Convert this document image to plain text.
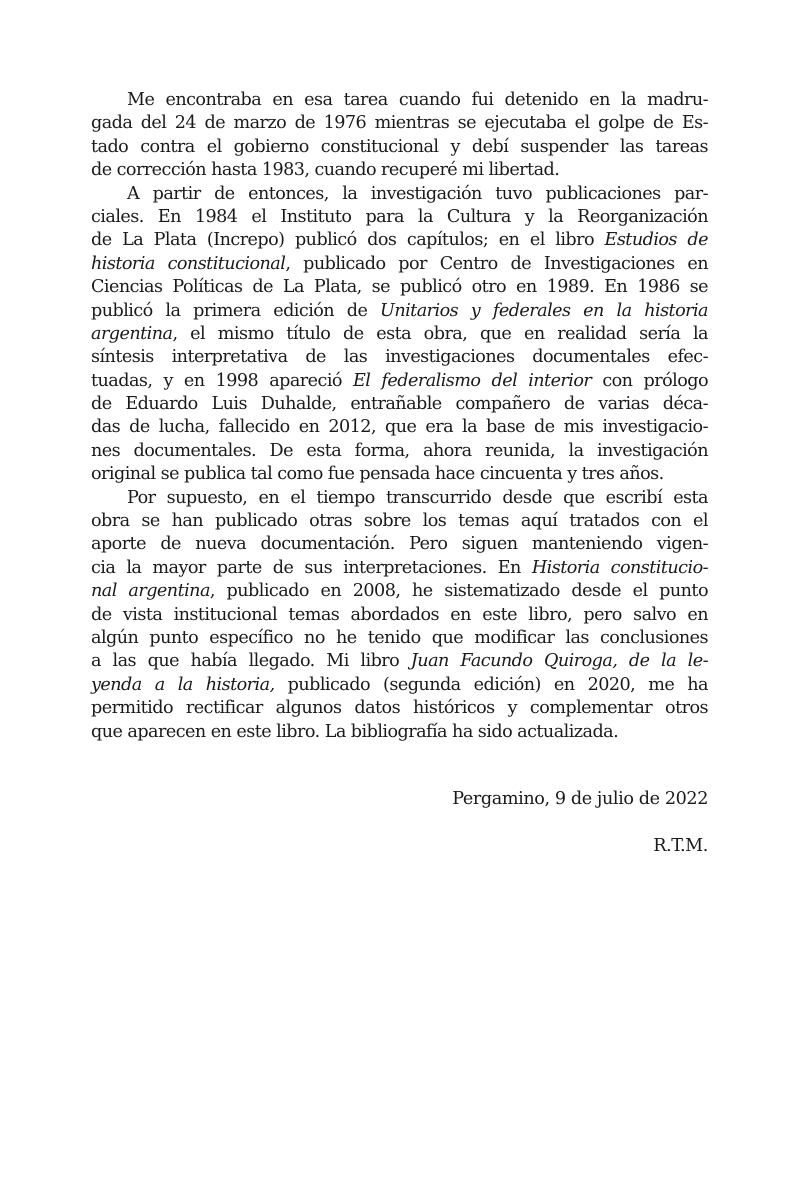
Me encontraba en esa tarea cuando fui detenido en la madru-
gada del 24 de marzo de 1976 mientras se ejecutaba el golpe de Es-
tado contra el gobierno constitucional y debí suspender las tareas
de corrección hasta 1983, cuando recuperé mi libertad.
A partir de entonces, la investigación tuvo publicaciones par-
ciales. En 1984 el Instituto para la Cultura y la Reorganización
de La Plata (Increpo) publicó dos capítulos; en el libro Estudios de
historia constitucional, publicado por Centro de Investigaciones en
Ciencias Políticas de La Plata, se publicó otro en 1989. En 1986 se
publicó la primera edición de Unitarios y federales en la historia
argentina, el mismo título de esta obra, que en realidad sería la
síntesis interpretativa de las investigaciones documentales efec-
tuadas, y en 1998 apareció El federalismo del interior con prólogo
de Eduardo Luis Duhalde, entrañable compañero de varias déca-
das de lucha, fallecido en 2012, que era la base de mis investigacio-
nes documentales. De esta forma, ahora reunida, la investigación
original se publica tal como fue pensada hace cincuenta y tres años.
Por supuesto, en el tiempo transcurrido desde que escribí esta
obra se han publicado otras sobre los temas aquí tratados con el
aporte de nueva documentación. Pero siguen manteniendo vigen-
cia la mayor parte de sus interpretaciones. En Historia constitucio-
nal argentina, publicado en 2008, he sistematizado desde el punto
de vista institucional temas abordados en este libro, pero salvo en
algún punto específico no he tenido que modificar las conclusiones
a las que había llegado. Mi libro Juan Facundo Quiroga, de la le-
yenda a la historia, publicado (segunda edición) en 2020, me ha
permitido rectificar algunos datos históricos y complementar otros
que aparecen en este libro. La bibliografía ha sido actualizada.
Pergamino, 9 de julio de 2022
R.T.M.
